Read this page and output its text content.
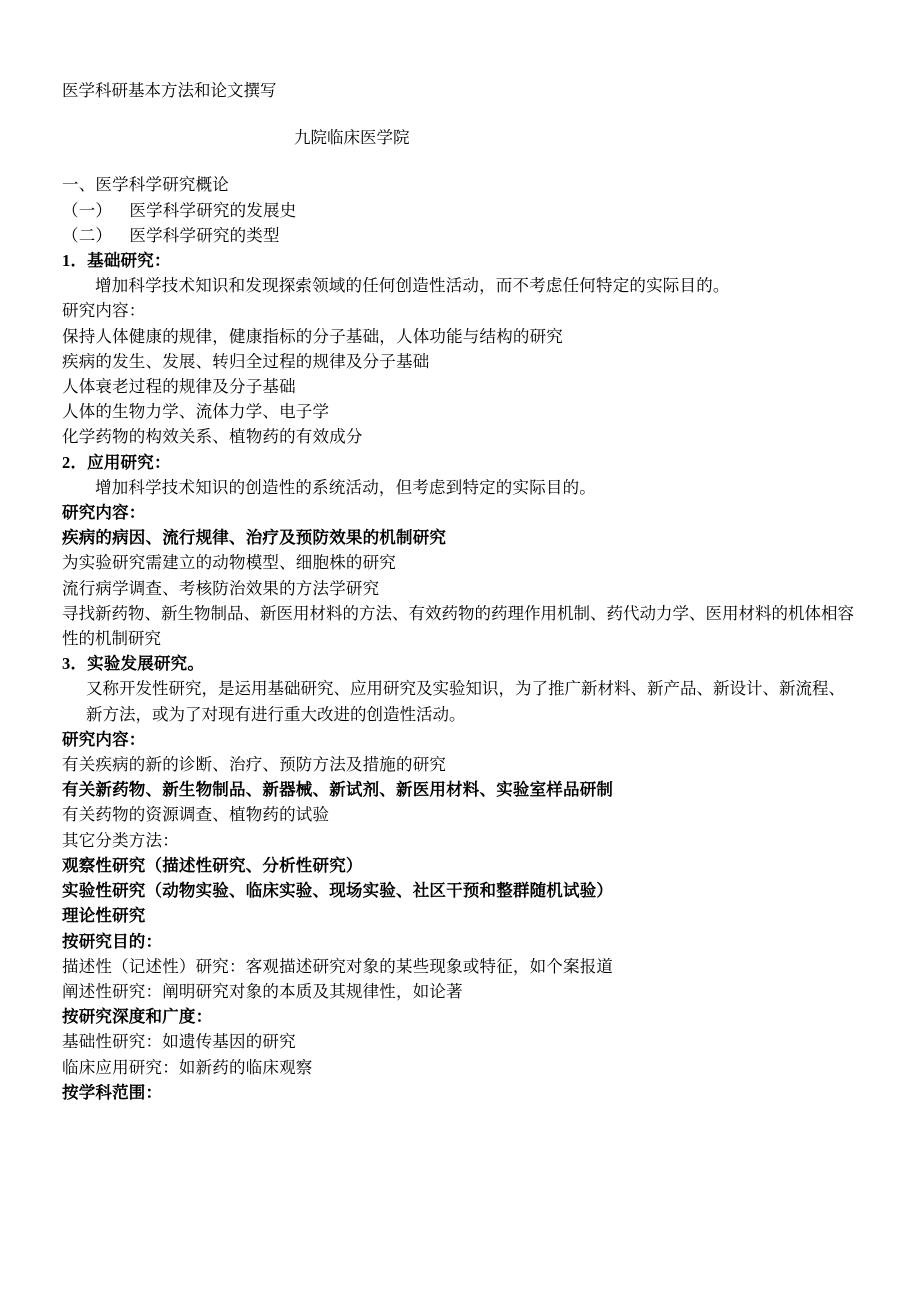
医学科研基本方法和论文撰写
九院临床医学院
一、医学科学研究概论
（一）    医学科学研究的发展史
（二）    医学科学研究的类型
1．基础研究：
增加科学技术知识和发现探索领域的任何创造性活动，而不考虑任何特定的实际目的。
研究内容：
保持人体健康的规律，健康指标的分子基础，人体功能与结构的研究
疾病的发生、发展、转归全过程的规律及分子基础
人体衰老过程的规律及分子基础
人体的生物力学、流体力学、电子学
化学药物的构效关系、植物药的有效成分
2．应用研究：
增加科学技术知识的创造性的系统活动，但考虑到特定的实际目的。
研究内容：
疾病的病因、流行规律、治疗及预防效果的机制研究
为实验研究需建立的动物模型、细胞株的研究
流行病学调查、考核防治效果的方法学研究
寻找新药物、新生物制品、新医用材料的方法、有效药物的药理作用机制、药代动力学、医用材料的机体相容性的机制研究
3．实验发展研究。
又称开发性研究，是运用基础研究、应用研究及实验知识，为了推广新材料、新产品、新设计、新流程、新方法，或为了对现有进行重大改进的创造性活动。
研究内容：
有关疾病的新的诊断、治疗、预防方法及措施的研究
有关新药物、新生物制品、新器械、新试剂、新医用材料、实验室样品研制
有关药物的资源调查、植物药的试验
其它分类方法：
观察性研究（描述性研究、分析性研究）
实验性研究（动物实验、临床实验、现场实验、社区干预和整群随机试验）
理论性研究
按研究目的：
描述性（记述性）研究：客观描述研究对象的某些现象或特征，如个案报道
阐述性研究：阐明研究对象的本质及其规律性，如论著
按研究深度和广度：
基础性研究：如遗传基因的研究
临床应用研究：如新药的临床观察
按学科范围：
